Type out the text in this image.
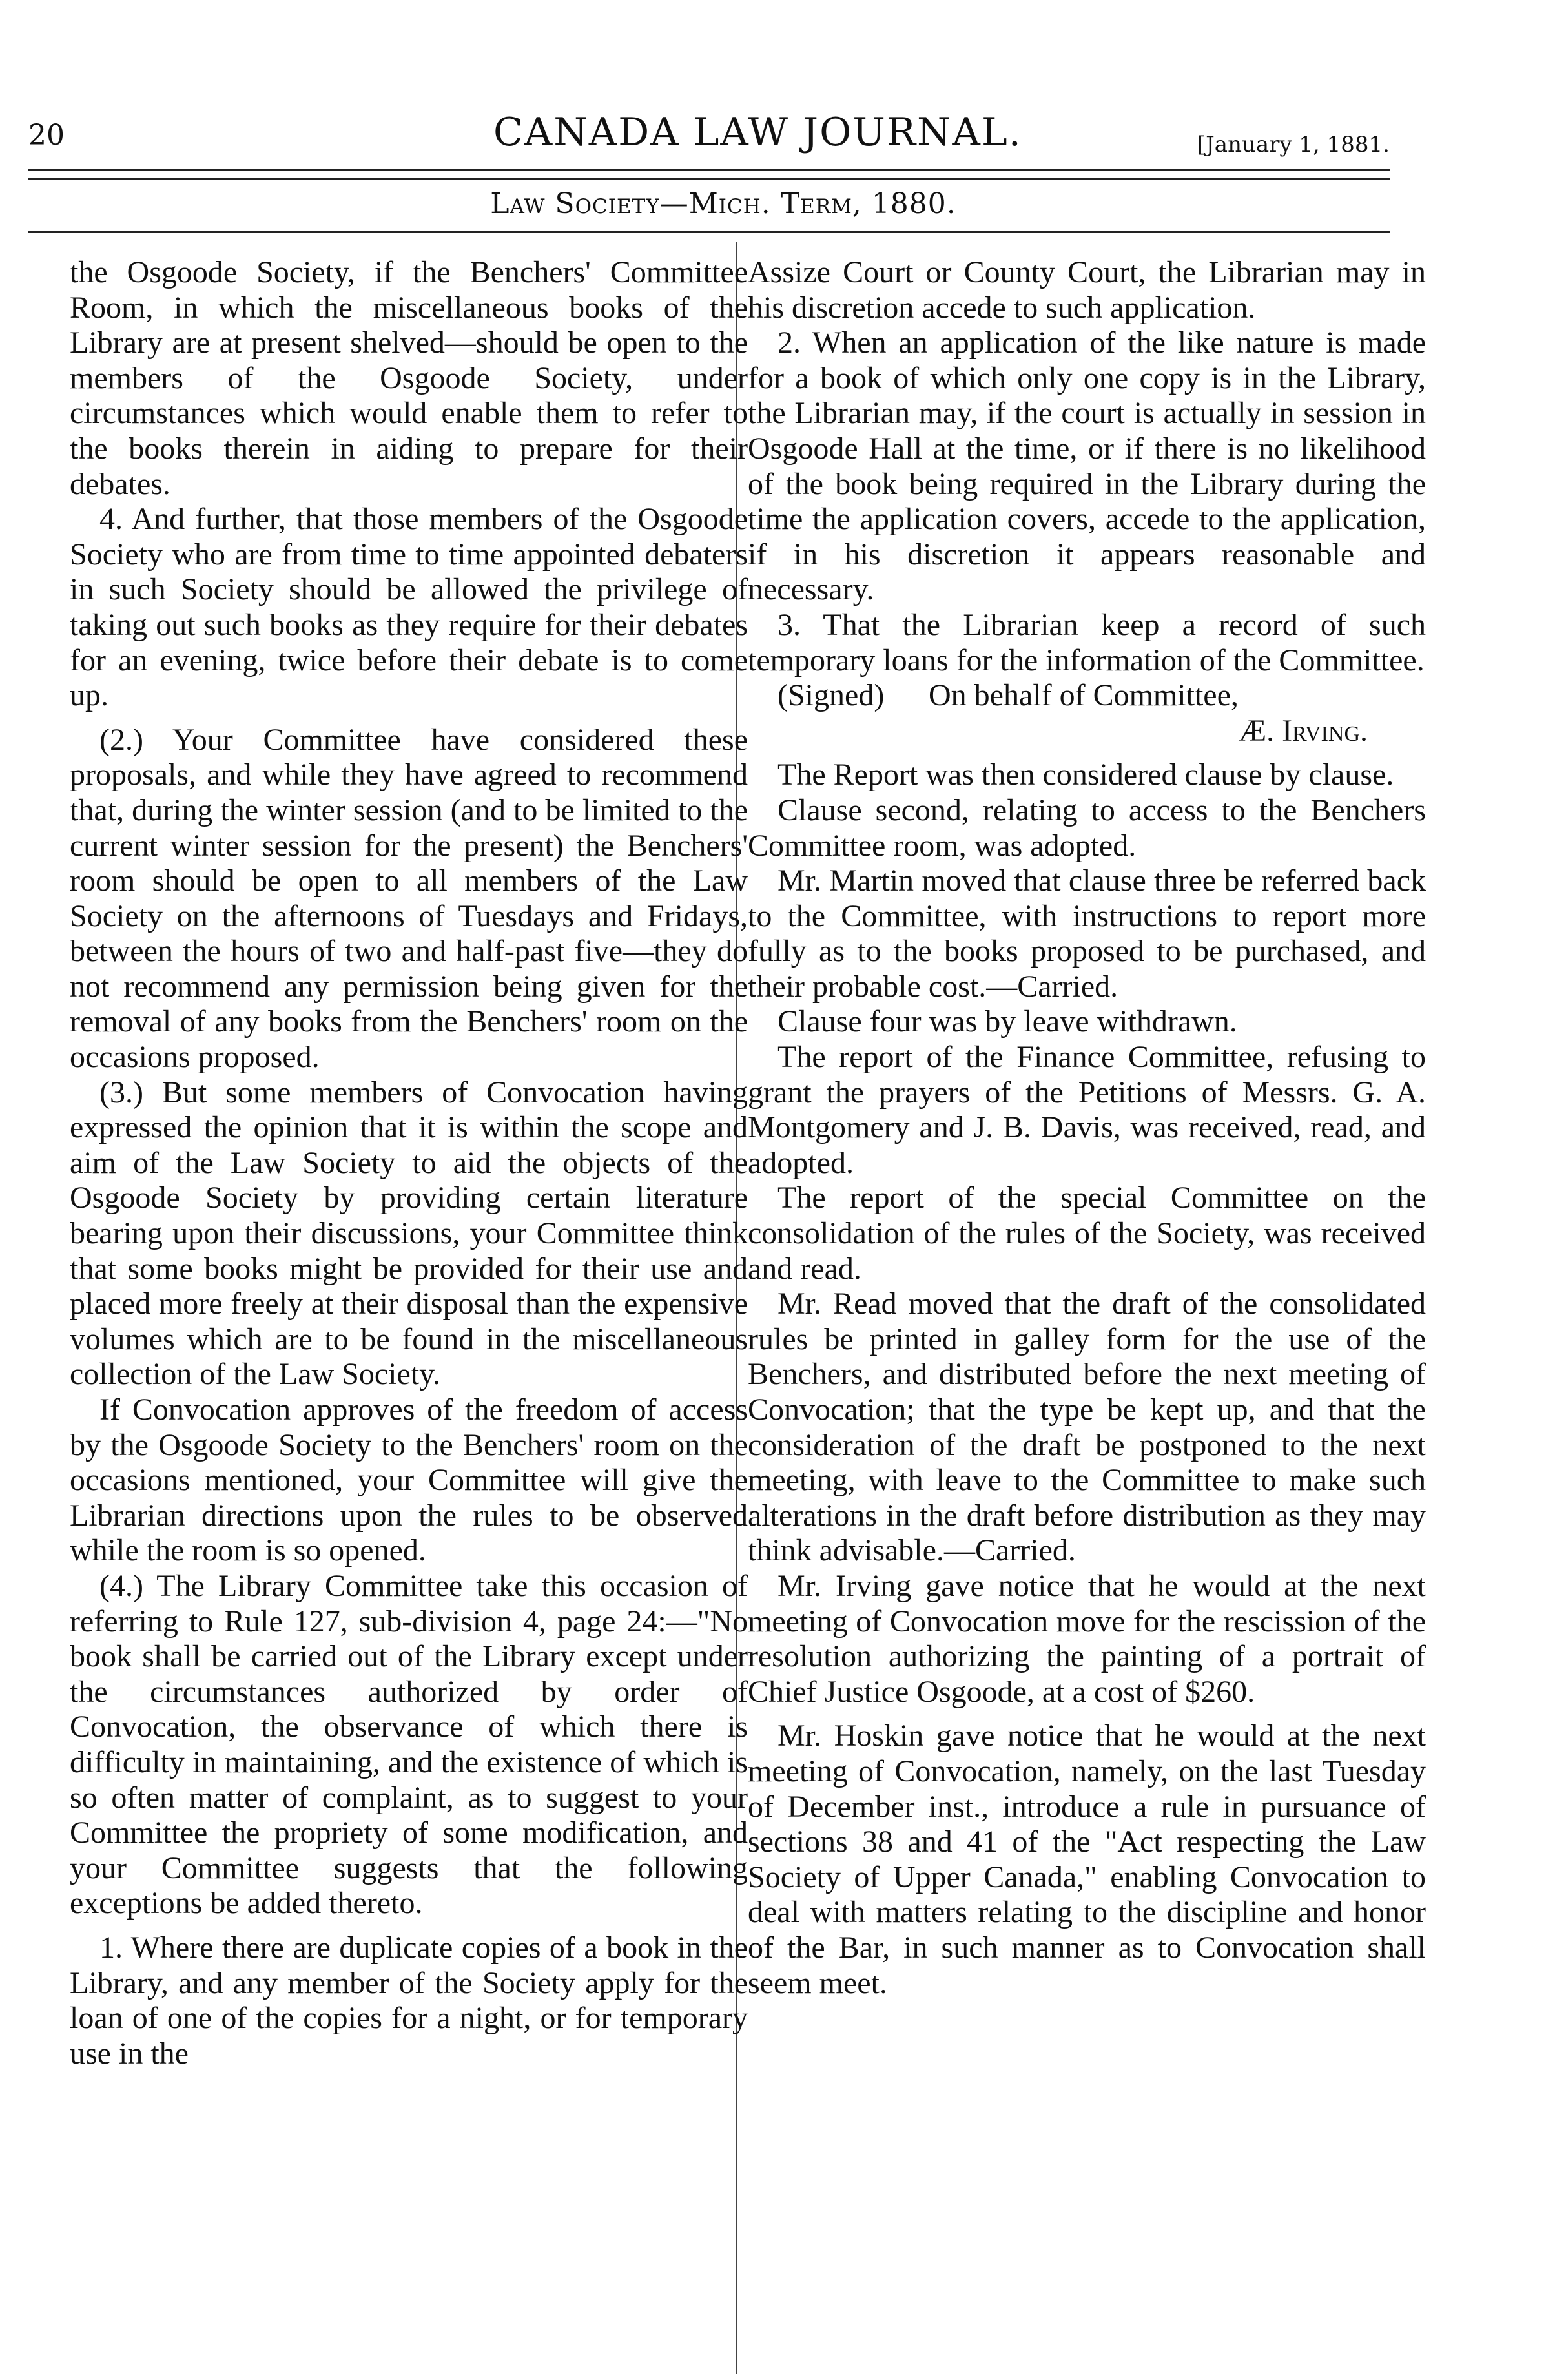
20	CANADA LAW JOURNAL.	[January 1, 1881.
Law Society—Mich. Term, 1880.

the Osgoode Society, if the Benchers' Committee Room, in which the miscellaneous books of the Library are at present shelved—should be open to the members of the Osgoode Society, under circumstances which would enable them to refer to the books therein in aiding to prepare for their debates.

4. And further, that those members of the Osgoode Society who are from time to time appointed debaters in such Society should be allowed the privilege of taking out such books as they require for their debates for an evening, twice before their debate is to come up.

(2.) Your Committee have considered these proposals, and while they have agreed to recommend that, during the winter session (and to be limited to the current winter session for the present) the Benchers' room should be open to all members of the Law Society on the afternoons of Tuesdays and Fridays, between the hours of two and half-past five—they do not recommend any permission being given for the removal of any books from the Benchers' room on the occasions proposed.

(3.) But some members of Convocation having expressed the opinion that it is within the scope and aim of the Law Society to aid the objects of the Osgoode Society by providing certain literature bearing upon their discussions, your Committee think that some books might be provided for their use and placed more freely at their disposal than the expensive volumes which are to be found in the miscellaneous collection of the Law Society.

If Convocation approves of the freedom of access by the Osgoode Society to the Benchers' room on the occasions mentioned, your Committee will give the Librarian directions upon the rules to be observed while the room is so opened.

(4.) The Library Committee take this occasion of referring to Rule 127, sub-division 4, page 24:—"No book shall be carried out of the Library except under the circumstances authorized by order of Convocation, the observance of which there is difficulty in maintaining, and the existence of which is so often matter of complaint, as to suggest to your Committee the propriety of some modification, and your Committee suggests that the following exceptions be added thereto.

1. Where there are duplicate copies of a book in the Library, and any member of the Society apply for the loan of one of the copies for a night, or for temporary use in the

Assize Court or County Court, the Librarian may in his discretion accede to such application.

2. When an application of the like nature is made for a book of which only one copy is in the Library, the Librarian may, if the court is actually in session in Osgoode Hall at the time, or if there is no likelihood of the book being required in the Library during the time the application covers, accede to the application, if in his discretion it appears reasonable and necessary.

3. That the Librarian keep a record of such temporary loans for the information of the Committee.

(Signed)	On behalf of Committee,

Æ. Irving.

The Report was then considered clause by clause.

Clause second, relating to access to the Benchers Committee room, was adopted.

Mr. Martin moved that clause three be referred back to the Committee, with instructions to report more fully as to the books proposed to be purchased, and their probable cost.—Carried.

Clause four was by leave withdrawn.

The report of the Finance Committee, refusing to grant the prayers of the Petitions of Messrs. G. A. Montgomery and J. B. Davis, was received, read, and adopted.

The report of the special Committee on the consolidation of the rules of the Society, was received and read.

Mr. Read moved that the draft of the consolidated rules be printed in galley form for the use of the Benchers, and distributed before the next meeting of Convocation; that the type be kept up, and that the consideration of the draft be postponed to the next meeting, with leave to the Committee to make such alterations in the draft before distribution as they may think advisable.—Carried.

Mr. Irving gave notice that he would at the next meeting of Convocation move for the rescission of the resolution authorizing the painting of a portrait of Chief Justice Osgoode, at a cost of $260.

Mr. Hoskin gave notice that he would at the next meeting of Convocation, namely, on the last Tuesday of December inst., introduce a rule in pursuance of sections 38 and 41 of the "Act respecting the Law Society of Upper Canada," enabling Convocation to deal with matters relating to the discipline and honor of the Bar, in such manner as to Convocation shall seem meet.
